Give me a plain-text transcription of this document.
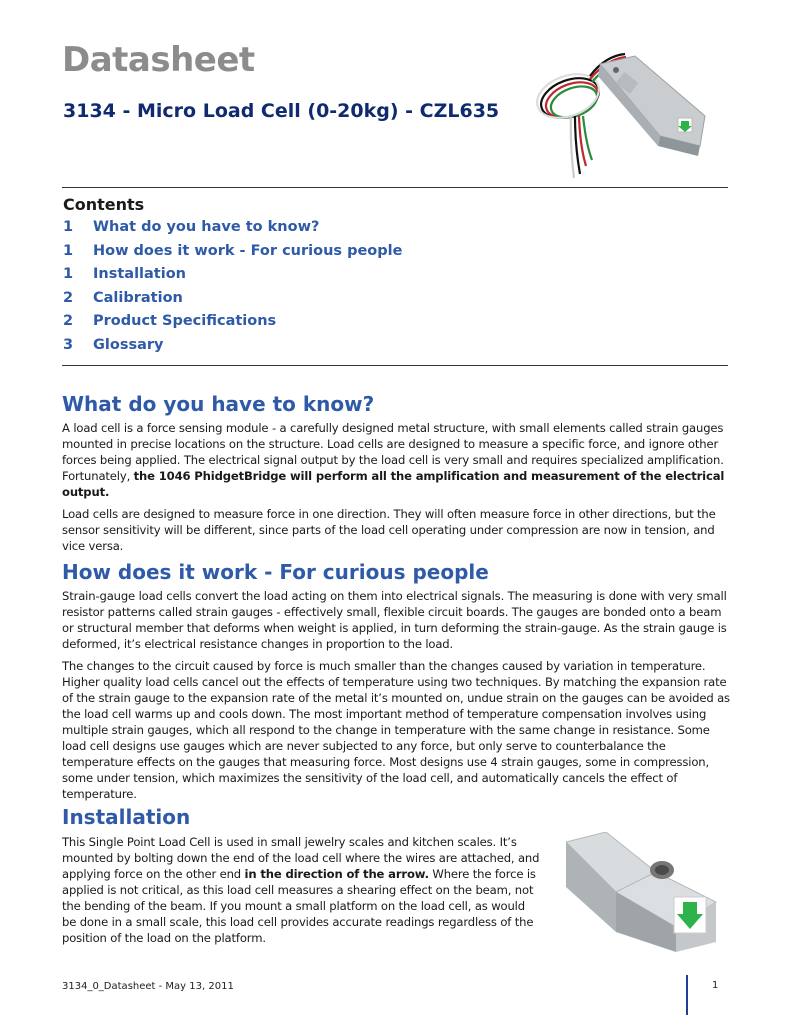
Datasheet
3134 - Micro Load Cell (0-20kg) - CZL635
Contents
1 What do you have to know?
1 How does it work - For curious people
1 Installation
2 Calibration
2 Product Specifications
3 Glossary
What do you have to know?

A load cell is a force sensing module - a carefully designed metal structure, with small elements called strain gauges mounted in precise locations on the structure. Load cells are designed to measure a specific force, and ignore other forces being applied. The electrical signal output by the load cell is very small and requires specialized amplification. Fortunately, the 1046 PhidgetBridge will perform all the amplification and measurement of the electrical output.

Load cells are designed to measure force in one direction. They will often measure force in other directions, but the sensor sensitivity will be different, since parts of the load cell operating under compression are now in tension, and vice versa.

How does it work - For curious people

Strain-gauge load cells convert the load acting on them into electrical signals. The measuring is done with very small resistor patterns called strain gauges - effectively small, flexible circuit boards. The gauges are bonded onto a beam or structural member that deforms when weight is applied, in turn deforming the strain-gauge. As the strain gauge is deformed, it’s electrical resistance changes in proportion to the load.

The changes to the circuit caused by force is much smaller than the changes caused by variation in temperature. Higher quality load cells cancel out the effects of temperature using two techniques. By matching the expansion rate of the strain gauge to the expansion rate of the metal it’s mounted on, undue strain on the gauges can be avoided as the load cell warms up and cools down. The most important method of temperature compensation involves using multiple strain gauges, which all respond to the change in temperature with the same change in resistance. Some load cell designs use gauges which are never subjected to any force, but only serve to counterbalance the temperature effects on the gauges that measuring force. Most designs use 4 strain gauges, some in compression, some under tension, which maximizes the sensitivity of the load cell, and automatically cancels the effect of temperature.

Installation

This Single Point Load Cell is used in small jewelry scales and kitchen scales. It’s mounted by bolting down the end of the load cell where the wires are attached, and applying force on the other end in the direction of the arrow. Where the force is applied is not critical, as this load cell measures a shearing effect on the beam, not the bending of the beam. If you mount a small platform on the load cell, as would be done in a small scale, this load cell provides accurate readings regardless of the position of the load on the platform.

3134_0_Datasheet - May 13, 2011	1
